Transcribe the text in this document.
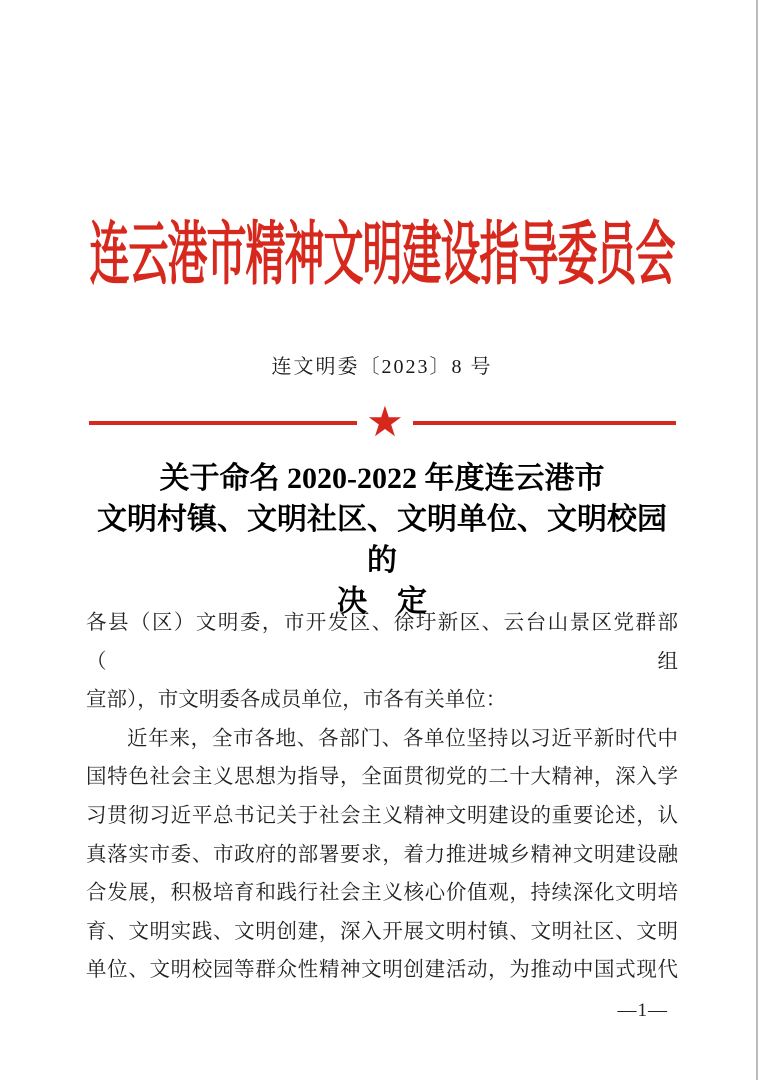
连云港市精神文明建设指导委员会
连文明委〔2023〕8 号
★
关于命名 2020-2022 年度连云港市
文明村镇、文明社区、文明单位、文明校园的
决　定
各县（区）文明委，市开发区、徐圩新区、云台山景区党群部（组
宣部），市文明委各成员单位，市各有关单位：
近年来，全市各地、各部门、各单位坚持以习近平新时代中
国特色社会主义思想为指导，全面贯彻党的二十大精神，深入学
习贯彻习近平总书记关于社会主义精神文明建设的重要论述，认
真落实市委、市政府的部署要求，着力推进城乡精神文明建设融
合发展，积极培育和践行社会主义核心价值观，持续深化文明培
育、文明实践、文明创建，深入开展文明村镇、文明社区、文明
单位、文明校园等群众性精神文明创建活动，为推动中国式现代
—1—
